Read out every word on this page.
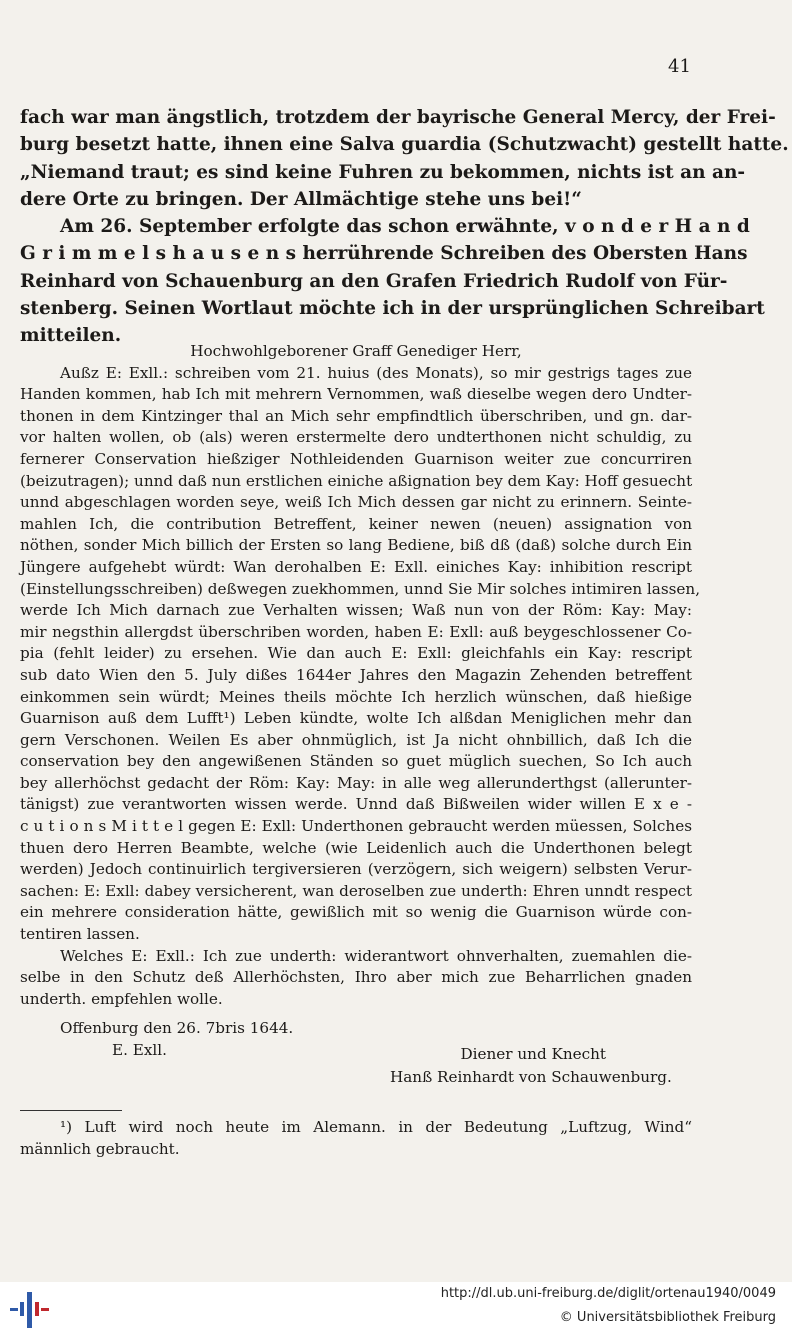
41
fach war man ängstlich, trotzdem der bayrische General Mercy, der Frei-
burg besetzt hatte, ihnen eine Salva guardia (Schutzwacht) gestellt hatte.
„Niemand traut; es sind keine Fuhren zu bekommen, nichts ist an an-
dere Orte zu bringen. Der Allmächtige stehe uns bei!“
Am 26. September erfolgte das schon erwähnte, v o n d e r H a n d
G r i m m e l s h a u s e n s herrührende Schreiben des Obersten Hans
Reinhard von Schauenburg an den Grafen Friedrich Rudolf von Für-
stenberg. Seinen Wortlaut möchte ich in der ursprünglichen Schreibart
mitteilen.
Hochwohlgeborener Graff Genediger Herr,
Außz E: Exll.: schreiben vom 21. huius (des Monats), so mir gestrigs tages zue
Handen kommen, hab Ich mit mehrern Vernommen, waß dieselbe wegen dero Undter-
thonen in dem Kintzinger thal an Mich sehr empfindtlich überschriben, und gn. dar-
vor halten wollen, ob (als) weren erstermelte dero undterthonen nicht schuldig, zu
fernerer Conservation hießziger Nothleidenden Guarnison weiter zue concurriren
(beizutragen); unnd daß nun erstlichen einiche aßignation bey dem Kay: Hoff gesuecht
unnd abgeschlagen worden seye, weiß Ich Mich dessen gar nicht zu erinnern. Seinte-
mahlen Ich, die contribution Betreffent, keiner newen (neuen) assignation von
nöthen, sonder Mich billich der Ersten so lang Bediene, biß dß (daß) solche durch Ein
Jüngere aufgehebt würdt: Wan derohalben E: Exll. einiches Kay: inhibition rescript
(Einstellungsschreiben) deßwegen zuekhommen, unnd Sie Mir solches intimiren lassen,
werde Ich Mich darnach zue Verhalten wissen; Waß nun von der Röm: Kay: May:
mir negsthin allergdst überschriben worden, haben E: Exll: auß beygeschlossener Co-
pia (fehlt leider) zu ersehen. Wie dan auch E: Exll: gleichfahls ein Kay: rescript
sub dato Wien den 5. July dißes 1644er Jahres den Magazin Zehenden betreffent
einkommen sein würdt; Meines theils möchte Ich herzlich wünschen, daß hießige
Guarnison auß dem Lufft¹) Leben kündte, wolte Ich alßdan Meniglichen mehr dan
gern Verschonen. Weilen Es aber ohnmüglich, ist Ja nicht ohnbillich, daß Ich die
conservation bey den angewißenen Ständen so guet müglich suechen, So Ich auch
bey allerhöchst gedacht der Röm: Kay: May: in alle weg allerunderthgst (allerunter-
tänigst) zue verantworten wissen werde. Unnd daß Bißweilen wider willen E x e -
c u t i o n s M i t t e l gegen E: Exll: Underthonen gebraucht werden müessen, Solches
thuen dero Herren Beambte, welche (wie Leidenlich auch die Underthonen belegt
werden) Jedoch continuirlich tergiversieren (verzögern, sich weigern) selbsten Verur-
sachen: E: Exll: dabey versicherent, wan deroselben zue underth: Ehren unndt respect
ein mehrere consideration hätte, gewißlich mit so wenig die Guarnison würde con-
tentiren lassen.
Welches E: Exll.: Ich zue underth: widerantwort ohnverhalten, zuemahlen die-
selbe in den Schutz deß Allerhöchsten, Ihro aber mich zue Beharrlichen gnaden
underth. empfehlen wolle.
Offenburg den 26. 7bris 1644.
E. Exll.	Diener und Knecht
Hanß Reinhardt von Schauwenburg.
¹) Luft wird noch heute im Alemann. in der Bedeutung „Luftzug, Wind“
männlich gebraucht.
http://dl.ub.uni-freiburg.de/diglit/ortenau1940/0049
© Universitätsbibliothek Freiburg
